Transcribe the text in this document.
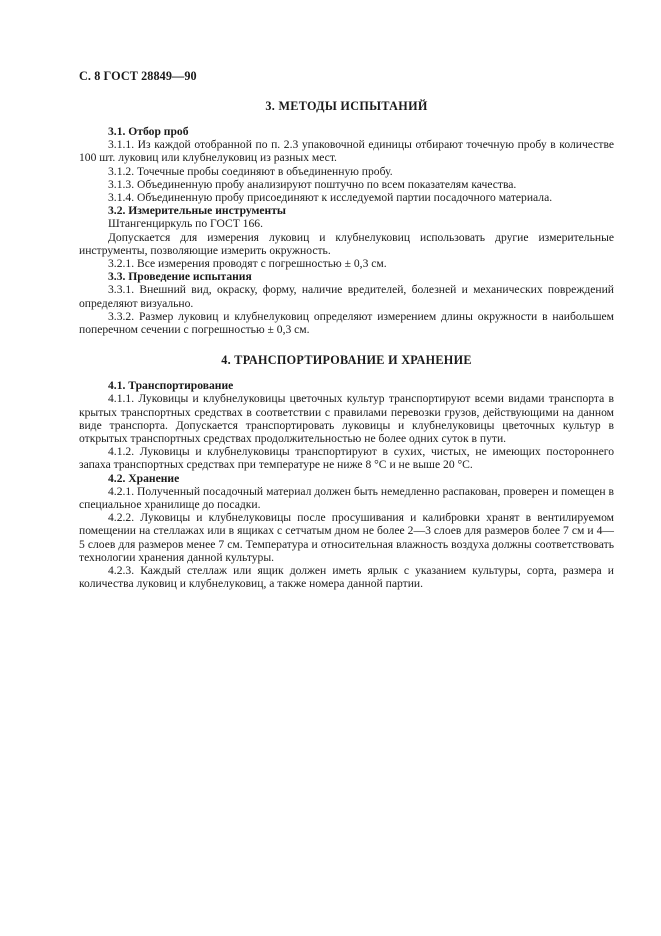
С. 8 ГОСТ 28849—90
3. МЕТОДЫ ИСПЫТАНИЙ
3.1. Отбор проб

3.1.1. Из каждой отобранной по п. 2.3 упаковочной единицы отбирают точечную пробу в количестве 100 шт. луковиц или клубнелуковиц из разных мест.

3.1.2. Точечные пробы соединяют в объединенную пробу.

3.1.3. Объединенную пробу анализируют поштучно по всем показателям качества.

3.1.4. Объединенную пробу присоединяют к исследуемой партии посадочного материала.

3.2. Измерительные инструменты

Штангенциркуль по ГОСТ 166.

Допускается для измерения луковиц и клубнелуковиц использовать другие измерительные инструменты, позволяющие измерить окружность.

3.2.1. Все измерения проводят с погрешностью ± 0,3 см.

3.3. Проведение испытания

3.3.1. Внешний вид, окраску, форму, наличие вредителей, болезней и механических повреждений определяют визуально.

3.3.2. Размер луковиц и клубнелуковиц определяют измерением длины окружности в наибольшем поперечном сечении с погрешностью ± 0,3 см.

4. ТРАНСПОРТИРОВАНИЕ И ХРАНЕНИЕ
4.1. Транспортирование

4.1.1. Луковицы и клубнелуковицы цветочных культур транспортируют всеми видами транспорта в крытых транспортных средствах в соответствии с правилами перевозки грузов, действующими на данном виде транспорта. Допускается транспортировать луковицы и клубнелуковицы цветочных культур в открытых транспортных средствах продолжительностью не более одних суток в пути.

4.1.2. Луковицы и клубнелуковицы транспортируют в сухих, чистых, не имеющих постороннего запаха транспортных средствах при температуре не ниже 8 °С и не выше 20 °С.

4.2. Хранение

4.2.1. Полученный посадочный материал должен быть немедленно распакован, проверен и помещен в специальное хранилище до посадки.

4.2.2. Луковицы и клубнелуковицы после просушивания и калибровки хранят в вентилируемом помещении на стеллажах или в ящиках с сетчатым дном не более 2—3 слоев для размеров более 7 см и 4—5 слоев для размеров менее 7 см. Температура и относительная влажность воздуха должны соответствовать технологии хранения данной культуры.

4.2.3. Каждый стеллаж или ящик должен иметь ярлык с указанием культуры, сорта, размера и количества луковиц и клубнелуковиц, а также номера данной партии.
